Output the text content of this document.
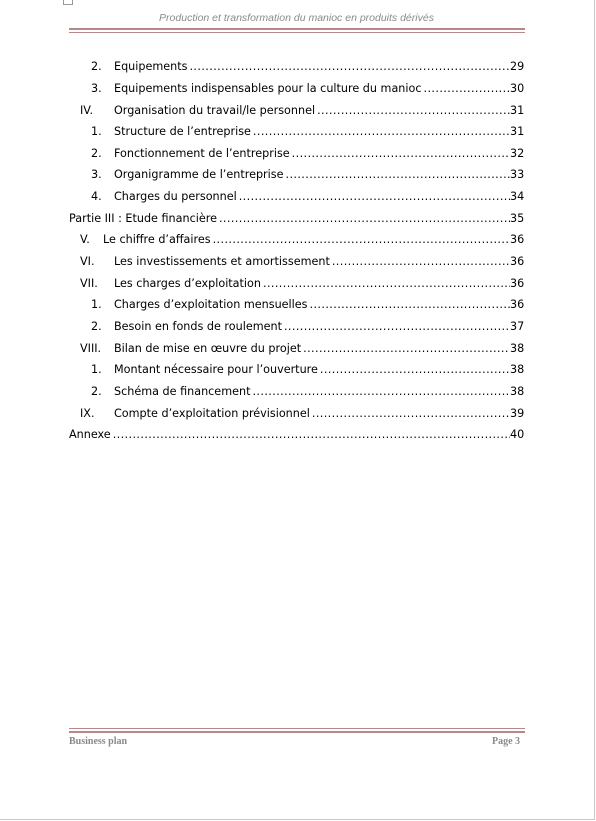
Production et transformation du manioc en produits dérivés
2. Equipements .....	29
3. Equipements indispensables pour la culture du manioc .....	30
IV. Organisation du travail/le personnel .....	31
1. Structure de l’entreprise .....	31
2. Fonctionnement de l’entreprise .....	32
3. Organigramme de l’entreprise .....	33
4. Charges du personnel .....	34
Partie III : Etude financière .....	35
V. Le chiffre d’affaires .....	36
VI. Les investissements et amortissement .....	36
VII. Les charges d’exploitation .....	36
1. Charges d’exploitation mensuelles .....	36
2. Besoin en fonds de roulement .....	37
VIII. Bilan de mise en œuvre du projet .....	38
1. Montant nécessaire pour l’ouverture .....	38
2. Schéma de financement .....	38
IX. Compte d’exploitation prévisionnel .....	39
Annexe .....	40
Business plan	Page 3
